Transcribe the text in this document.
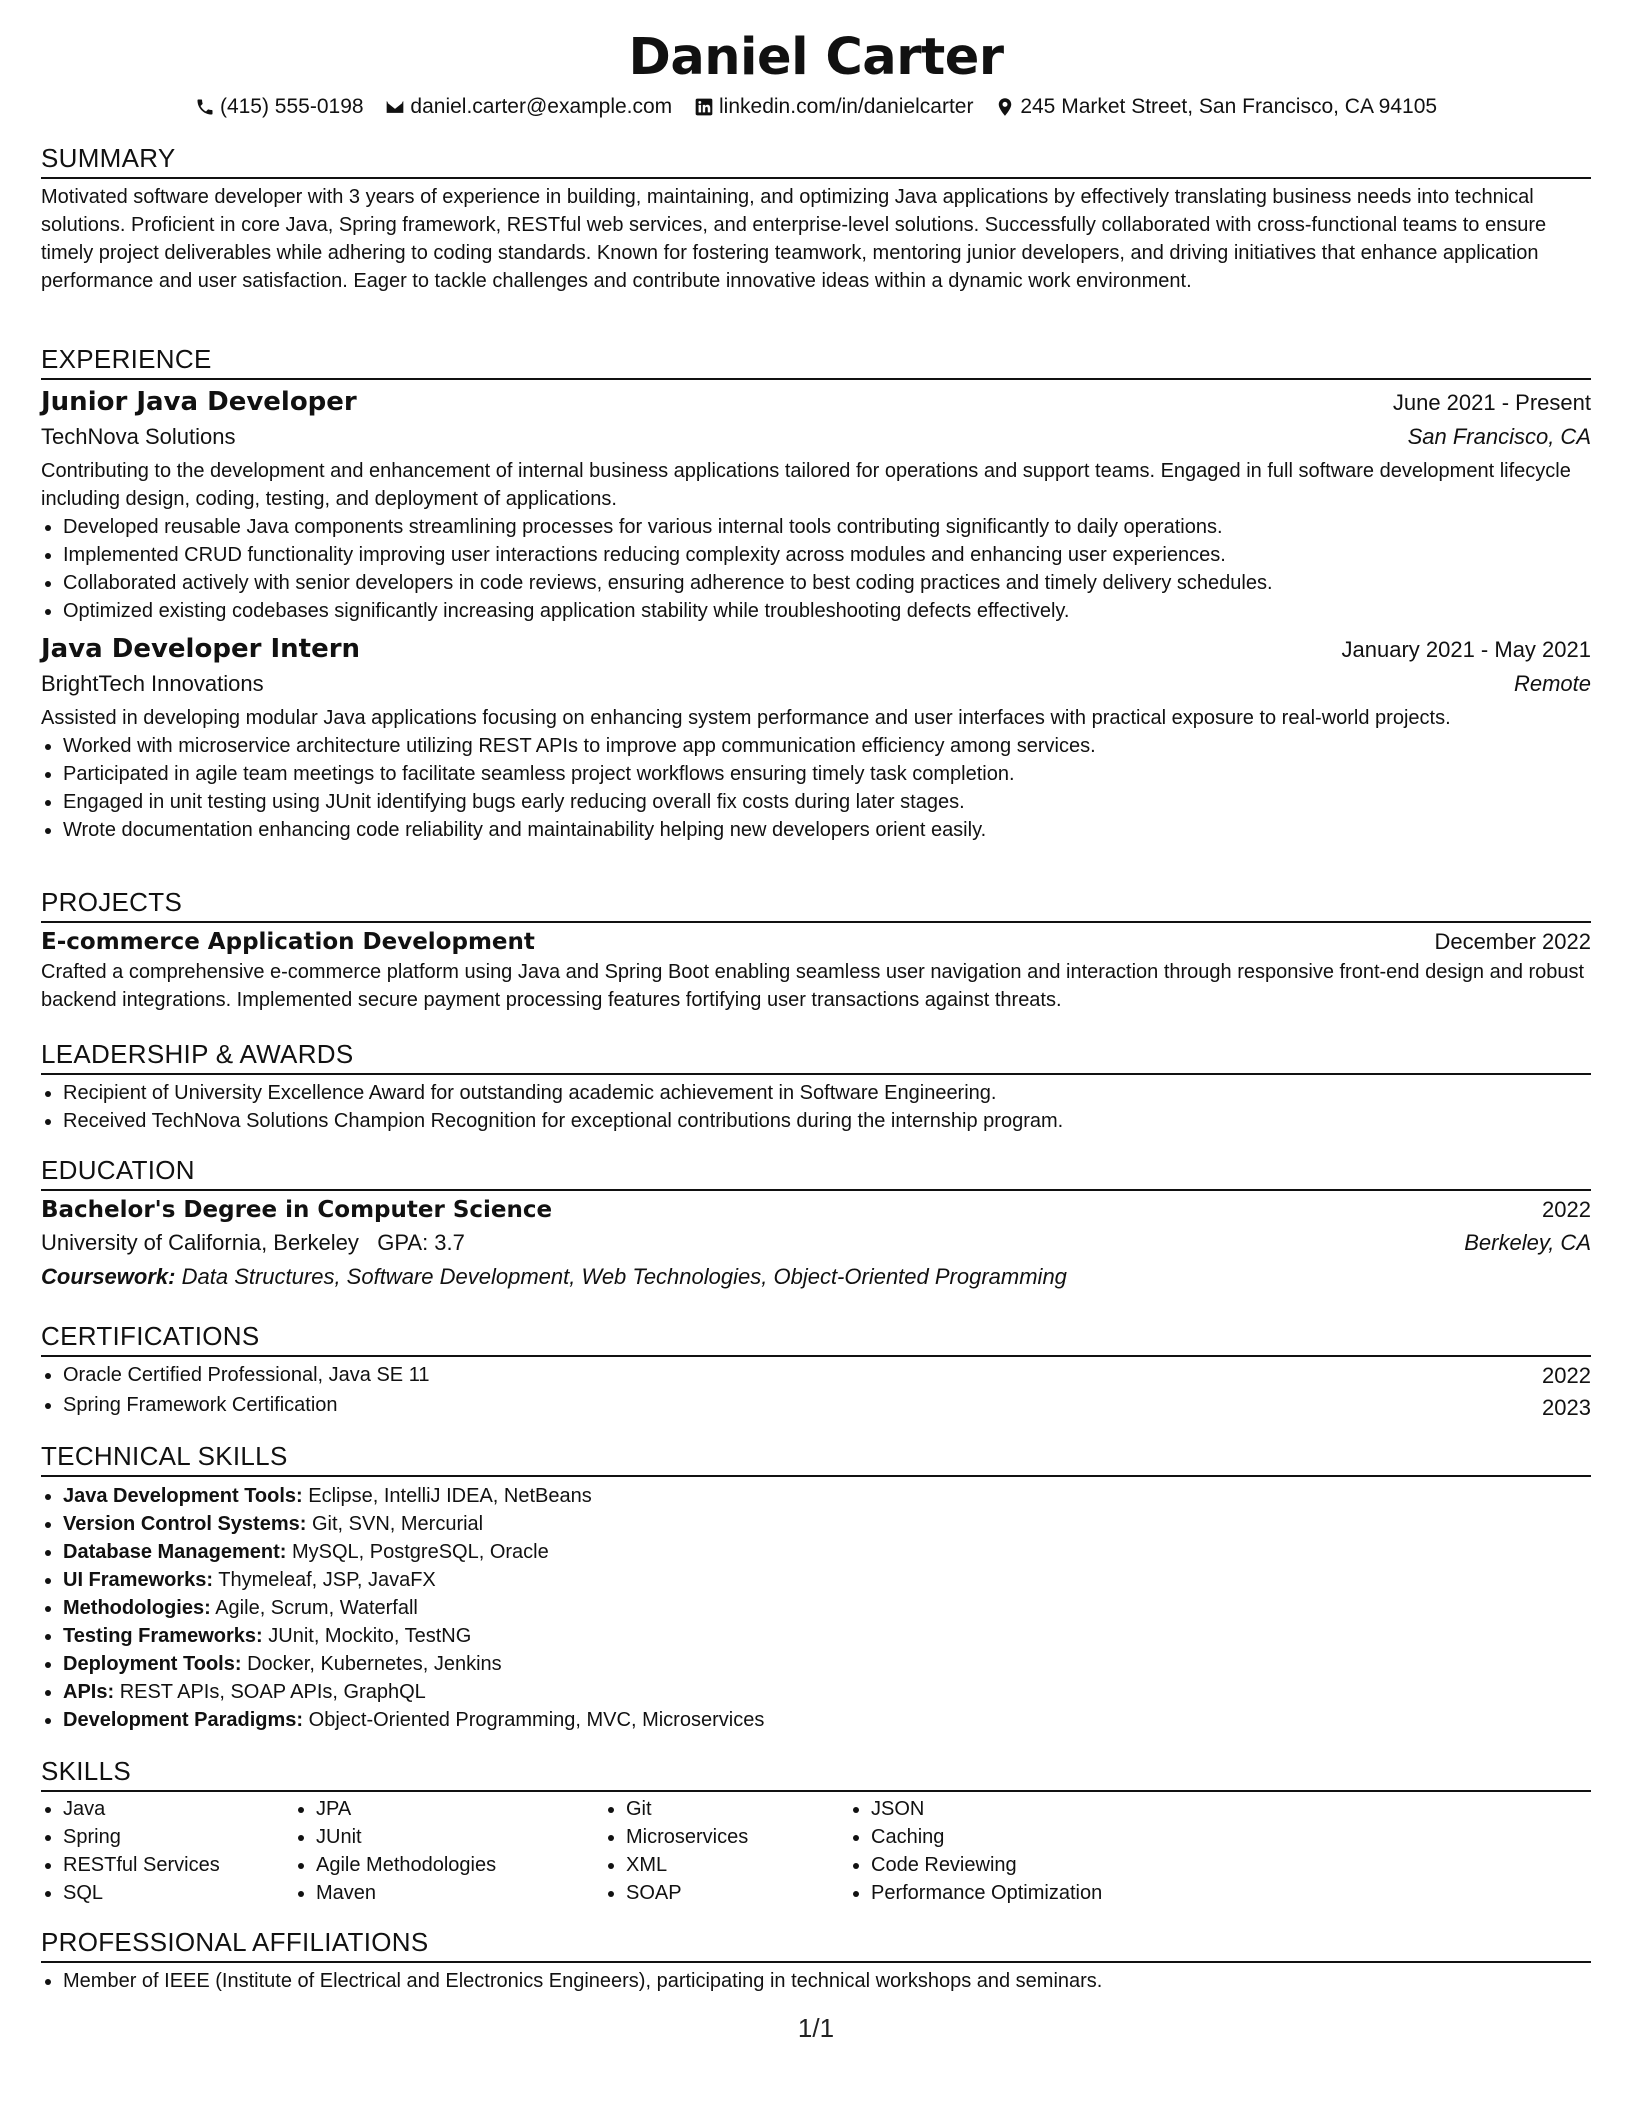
Daniel Carter
(415) 555-0198
daniel.carter@example.com
linkedin.com/in/danielcarter
245 Market Street, San Francisco, CA 94105
SUMMARY

Motivated software developer with 3 years of experience in building, maintaining, and optimizing Java applications by effectively translating business needs into technical solutions. Proficient in core Java, Spring framework, RESTful web services, and enterprise-level solutions. Successfully collaborated with cross-functional teams to ensure timely project deliverables while adhering to coding standards. Known for fostering teamwork, mentoring junior developers, and driving initiatives that enhance application performance and user satisfaction. Eager to tackle challenges and contribute innovative ideas within a dynamic work environment.

EXPERIENCE
Junior Java Developer	June 2021 - Present
TechNova Solutions	San Francisco, CA

Contributing to the development and enhancement of internal business applications tailored for operations and support teams. Engaged in full software development lifecycle including design, coding, testing, and deployment of applications.

• Developed reusable Java components streamlining processes for various internal tools contributing significantly to daily operations.
• Implemented CRUD functionality improving user interactions reducing complexity across modules and enhancing user experiences.
• Collaborated actively with senior developers in code reviews, ensuring adherence to best coding practices and timely delivery schedules.
• Optimized existing codebases significantly increasing application stability while troubleshooting defects effectively.
Java Developer Intern	January 2021 - May 2021
BrightTech Innovations	Remote

Assisted in developing modular Java applications focusing on enhancing system performance and user interfaces with practical exposure to real-world projects.

• Worked with microservice architecture utilizing REST APIs to improve app communication efficiency among services.
• Participated in agile team meetings to facilitate seamless project workflows ensuring timely task completion.
• Engaged in unit testing using JUnit identifying bugs early reducing overall fix costs during later stages.
• Wrote documentation enhancing code reliability and maintainability helping new developers orient easily.
PROJECTS
E-commerce Application Development	December 2022

Crafted a comprehensive e-commerce platform using Java and Spring Boot enabling seamless user navigation and interaction through responsive front-end design and robust backend integrations. Implemented secure payment processing features fortifying user transactions against threats.

LEADERSHIP & AWARDS
• Recipient of University Excellence Award for outstanding academic achievement in Software Engineering.
• Received TechNova Solutions Champion Recognition for exceptional contributions during the internship program.
EDUCATION
Bachelor's Degree in Computer Science	2022
University of California, Berkeley GPA: 3.7	Berkeley, CA
Coursework: Data Structures, Software Development, Web Technologies, Object-Oriented Programming
CERTIFICATIONS
• Oracle Certified Professional, Java SE 11	2022
• Spring Framework Certification	2023
TECHNICAL SKILLS
• Java Development Tools: Eclipse, IntelliJ IDEA, NetBeans
• Version Control Systems: Git, SVN, Mercurial
• Database Management: MySQL, PostgreSQL, Oracle
• UI Frameworks: Thymeleaf, JSP, JavaFX
• Methodologies: Agile, Scrum, Waterfall
• Testing Frameworks: JUnit, Mockito, TestNG
• Deployment Tools: Docker, Kubernetes, Jenkins
• APIs: REST APIs, SOAP APIs, GraphQL
• Development Paradigms: Object-Oriented Programming, MVC, Microservices
SKILLS
• Java
• Spring
• RESTful Services
• SQL
• JPA
• JUnit
• Agile Methodologies
• Maven
• Git
• Microservices
• XML
• SOAP
• JSON
• Caching
• Code Reviewing
• Performance Optimization
PROFESSIONAL AFFILIATIONS
• Member of IEEE (Institute of Electrical and Electronics Engineers), participating in technical workshops and seminars.
1/1
